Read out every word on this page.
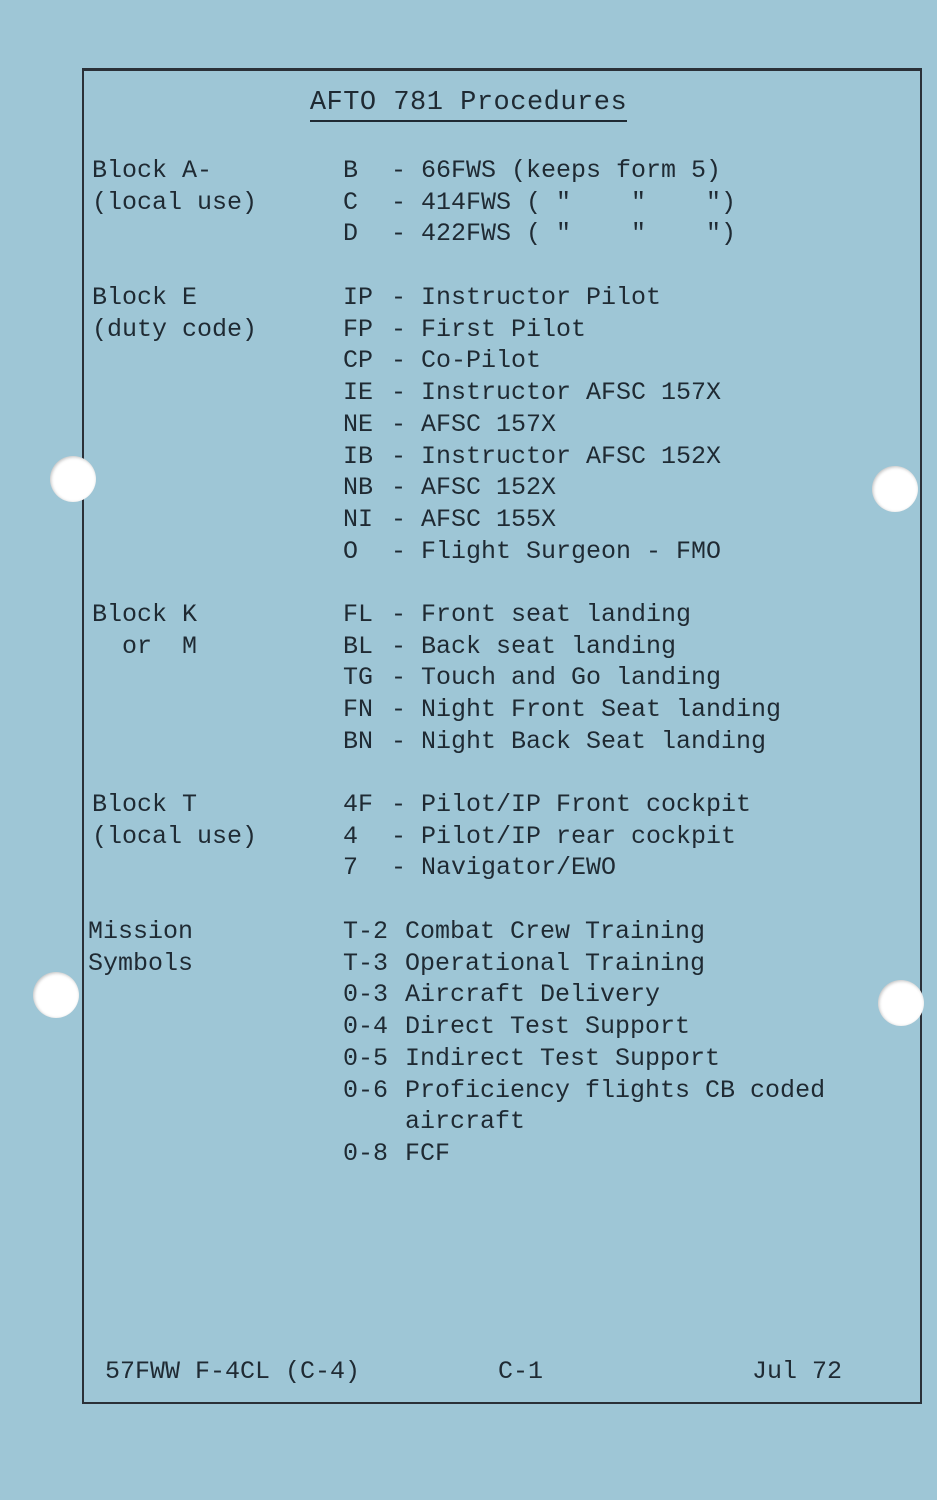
AFTO 781 Procedures
Block A-
(local use)
B	- 66FWS (keeps form 5)
C	- 414FWS ( "    "    ")
D	- 422FWS ( "    "    ")
Block E
(duty code)
IP - Instructor Pilot
FP - First Pilot
CP - Co-Pilot
IE - Instructor AFSC 157X
NE - AFSC 157X
IB - Instructor AFSC 152X
NB - AFSC 152X
NI - AFSC 155X
O	- Flight Surgeon - FMO
Block K
or  M
FL - Front seat landing
BL - Back seat landing
TG - Touch and Go landing
FN - Night Front Seat landing
BN - Night Back Seat landing
Block T
(local use)
4F - Pilot/IP Front cockpit
4	- Pilot/IP rear cockpit
7	- Navigator/EWO
Mission
Symbols
T-2 Combat Crew Training
T-3 Operational Training
0-3 Aircraft Delivery
0-4 Direct Test Support
0-5 Indirect Test Support
0-6 Proficiency flights CB coded aircraft
0-8 FCF
57FWW F-4CL (C-4)	C-1	Jul 72
